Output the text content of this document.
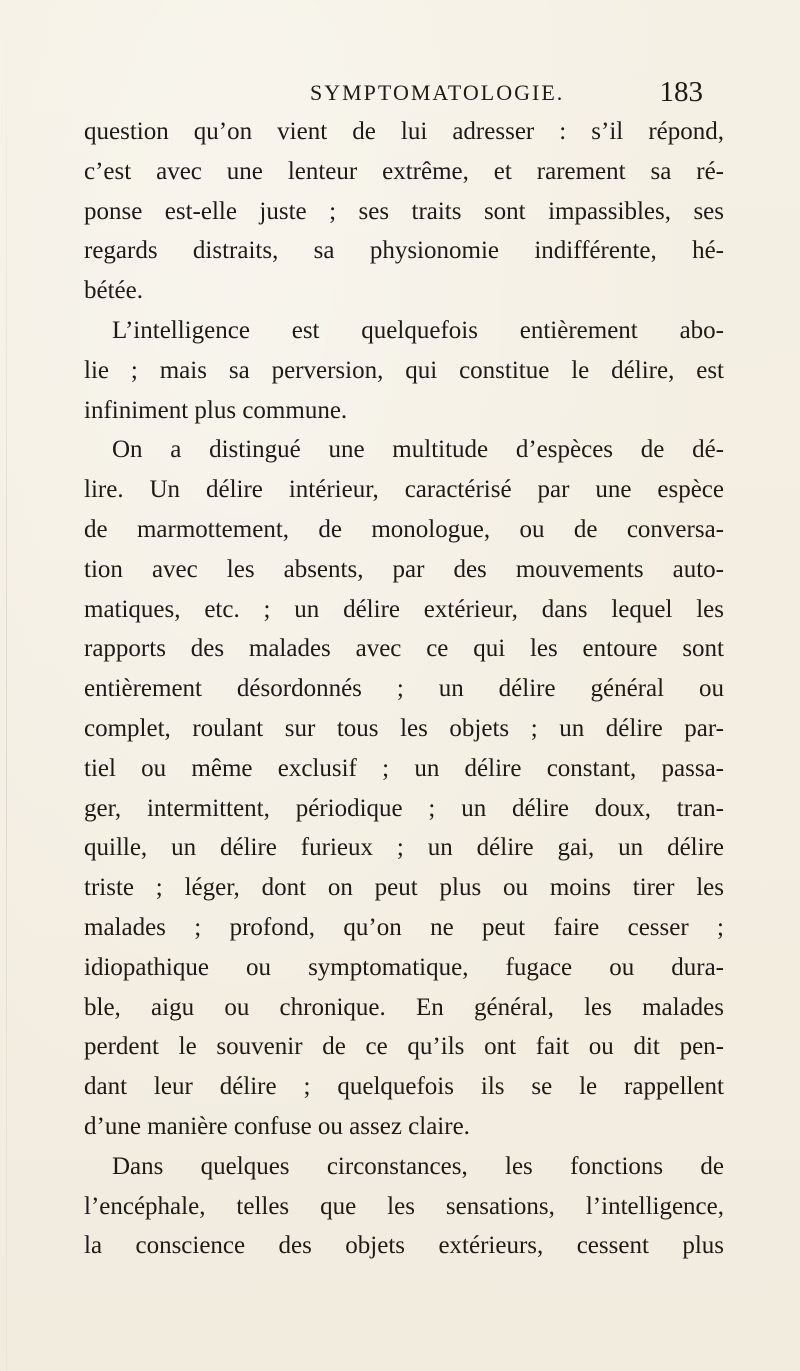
SYMPTOMATOLOGIE.	183
question qu’on vient de lui adresser : s’il répond,
c’est avec une lenteur extrême, et rarement sa ré-
ponse est-elle juste ; ses traits sont impassibles, ses
regards distraits, sa physionomie indifférente, hé-
bétée.
L’intelligence est quelquefois entièrement abo-
lie ; mais sa perversion, qui constitue le délire, est
infiniment plus commune.
On a distingué une multitude d’espèces de dé-
lire. Un délire intérieur, caractérisé par une espèce
de marmottement, de monologue, ou de conversa-
tion avec les absents, par des mouvements auto-
matiques, etc. ; un délire extérieur, dans lequel les
rapports des malades avec ce qui les entoure sont
entièrement désordonnés ; un délire général ou
complet, roulant sur tous les objets ; un délire par-
tiel ou même exclusif ; un délire constant, passa-
ger, intermittent, périodique ; un délire doux, tran-
quille, un délire furieux ; un délire gai, un délire
triste ; léger, dont on peut plus ou moins tirer les
malades ; profond, qu’on ne peut faire cesser ;
idiopathique ou symptomatique, fugace ou dura-
ble, aigu ou chronique. En général, les malades
perdent le souvenir de ce qu’ils ont fait ou dit pen-
dant leur délire ; quelquefois ils se le rappellent
d’une manière confuse ou assez claire.
Dans quelques circonstances, les fonctions de
l’encéphale, telles que les sensations, l’intelligence,
la conscience des objets extérieurs, cessent plus
